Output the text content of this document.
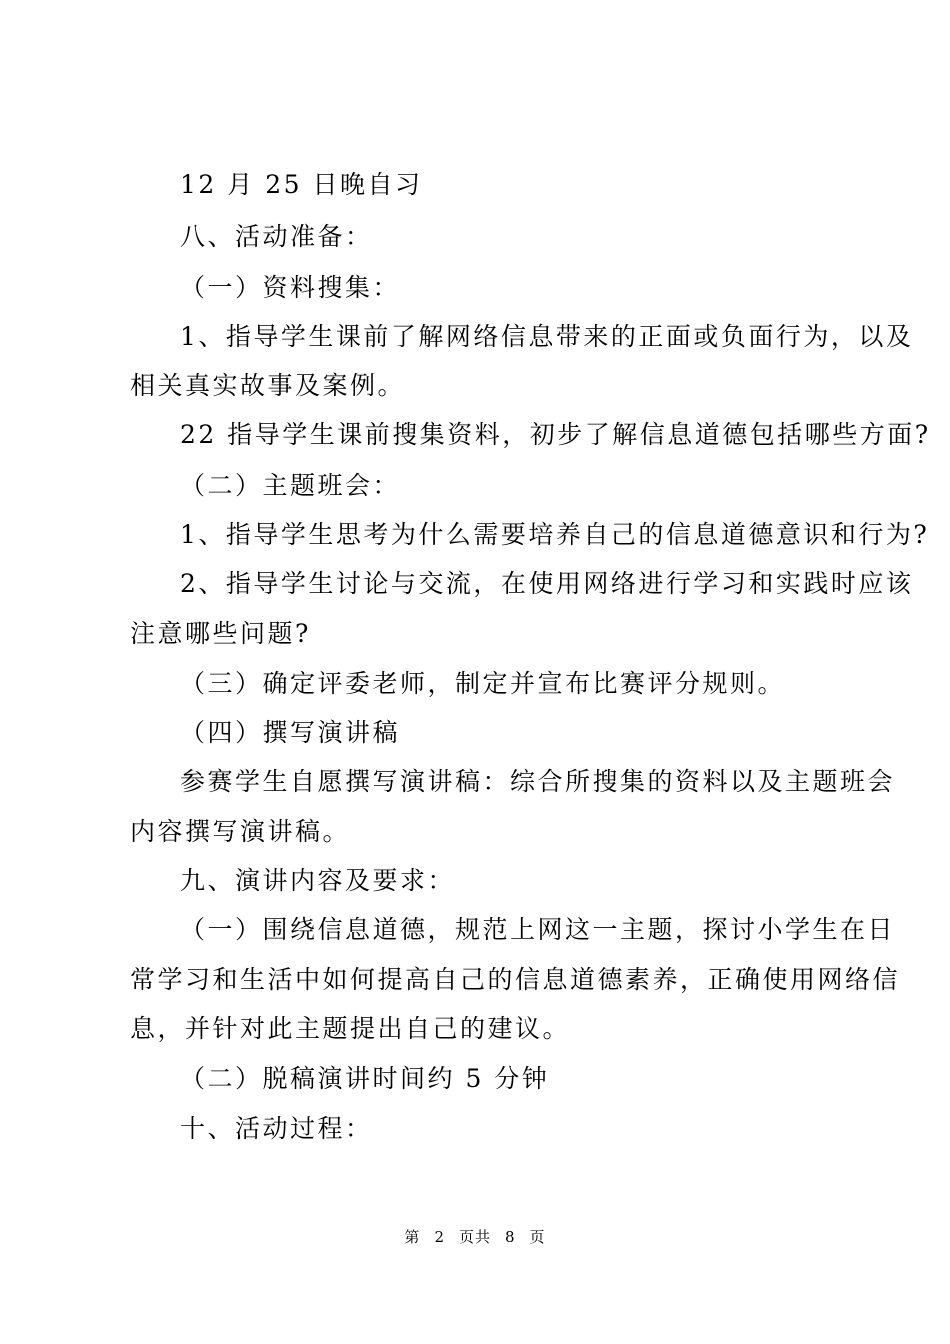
12 月 25 日晚自习
八、活动准备：
（一）资料搜集：
1、指导学生课前了解网络信息带来的正面或负面行为，以及
相关真实故事及案例。
22 指导学生课前搜集资料，初步了解信息道德包括哪些方面?
（二）主题班会：
1、指导学生思考为什么需要培养自己的信息道德意识和行为?
2、指导学生讨论与交流，在使用网络进行学习和实践时应该
注意哪些问题?
（三）确定评委老师，制定并宣布比赛评分规则。
（四）撰写演讲稿
参赛学生自愿撰写演讲稿：综合所搜集的资料以及主题班会
内容撰写演讲稿。
九、演讲内容及要求：
（一）围绕信息道德，规范上网这一主题，探讨小学生在日
常学习和生活中如何提高自己的信息道德素养，正确使用网络信
息，并针对此主题提出自己的建议。
（二）脱稿演讲时间约 5 分钟
十、活动过程：
第 2 页共 8 页
